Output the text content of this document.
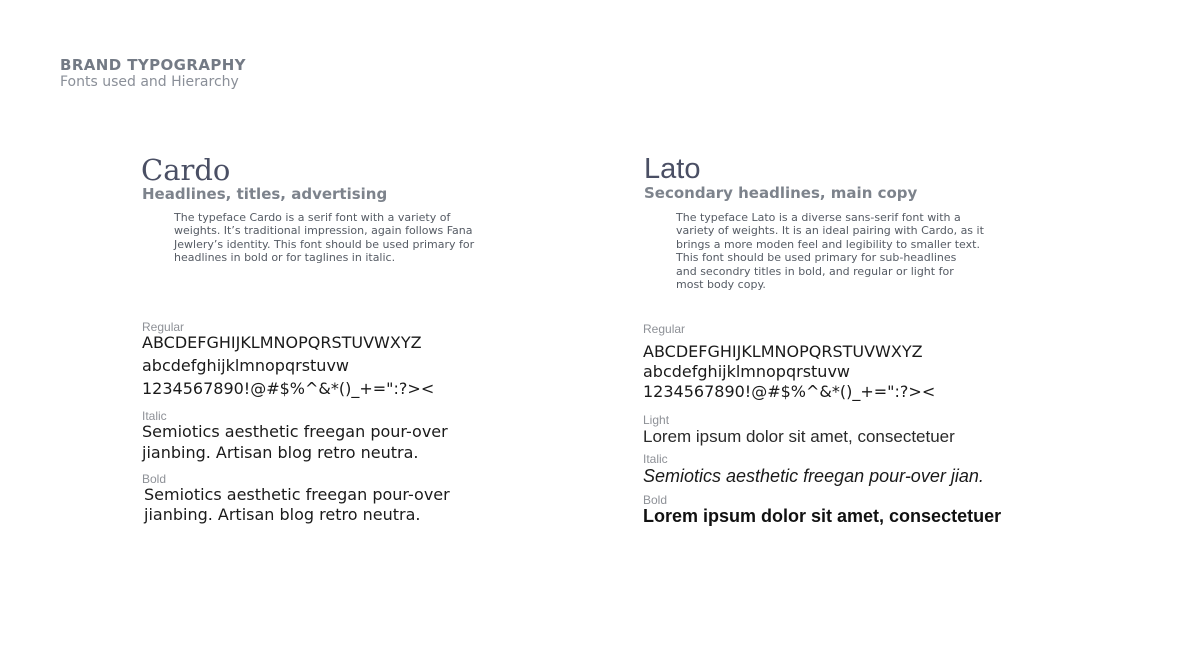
BRAND TYPOGRAPHY
Fonts used and Hierarchy
Cardo
Headlines, titles, advertising
The typeface Cardo is a serif font with a variety of
weights. It’s traditional impression, again follows Fana
Jewlery’s identity. This font should be used primary for
headlines in bold or for taglines in italic.
Regular
ABCDEFGHIJKLMNOPQRSTUVWXYZ
abcdefghijklmnopqrstuvw
1234567890!@#$%^&*()_+=":?><
Italic
Semiotics aesthetic freegan pour-over
jianbing. Artisan blog retro neutra.
Bold
Semiotics aesthetic freegan pour-over
jianbing. Artisan blog retro neutra.
Lato
Secondary headlines, main copy
The typeface Lato is a diverse sans-serif font with a
variety of weights. It is an ideal pairing with Cardo, as it
brings a more moden feel and legibility to smaller text.
This font should be used primary for sub-headlines
and secondry titles in bold, and regular or light for
most body copy.
Regular
ABCDEFGHIJKLMNOPQRSTUVWXYZ
abcdefghijklmnopqrstuvw
1234567890!@#$%^&*()_+=":?><
Light
Lorem ipsum dolor sit amet, consectetuer
Italic
Semiotics aesthetic freegan pour-over jian.
Bold
Lorem ipsum dolor sit amet, consectetuer
